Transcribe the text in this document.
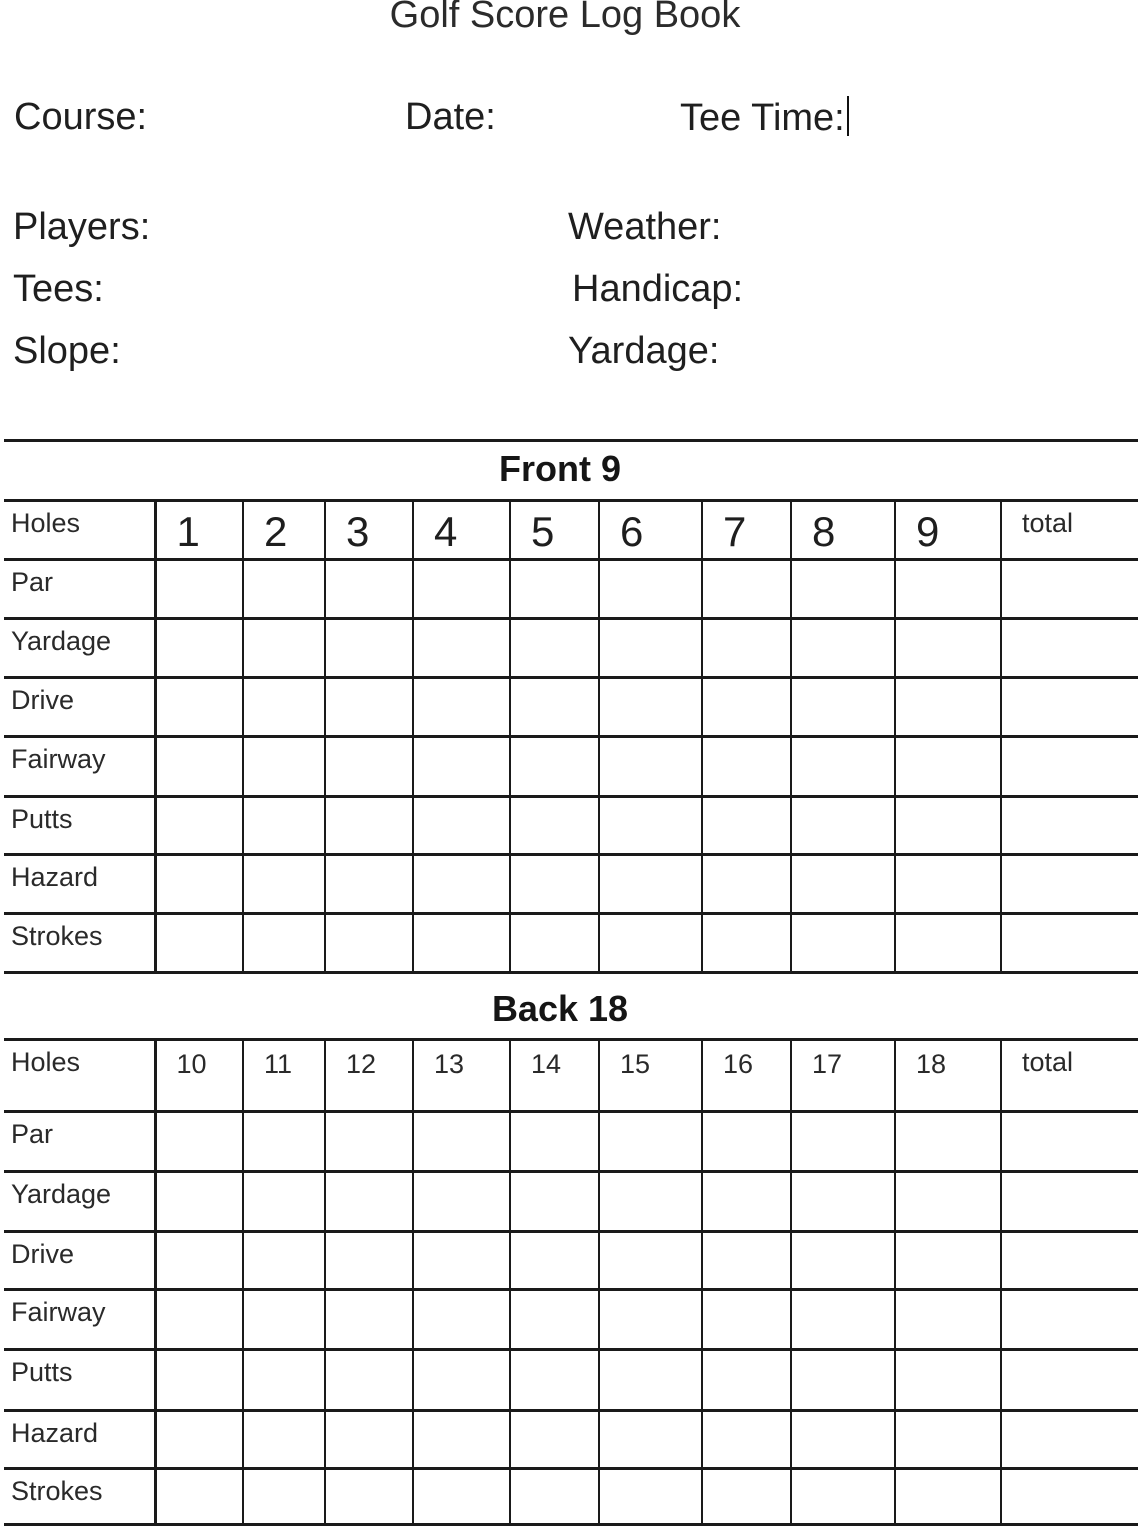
Golf Score Log Book
Course:	Date:	Tee Time:
Players:	Weather:
Tees:	Handicap:
Slope:	Yardage:
Front 9
Holes	1	2	3	4	5	6	7	8	9	total
Par										
Yardage										
Drive										
Fairway										
Putts										
Hazard										
Strokes										
Back 18
Holes	10	11	12	13	14	15	16	17	18	total
Par										
Yardage										
Drive										
Fairway										
Putts										
Hazard										
Strokes										
